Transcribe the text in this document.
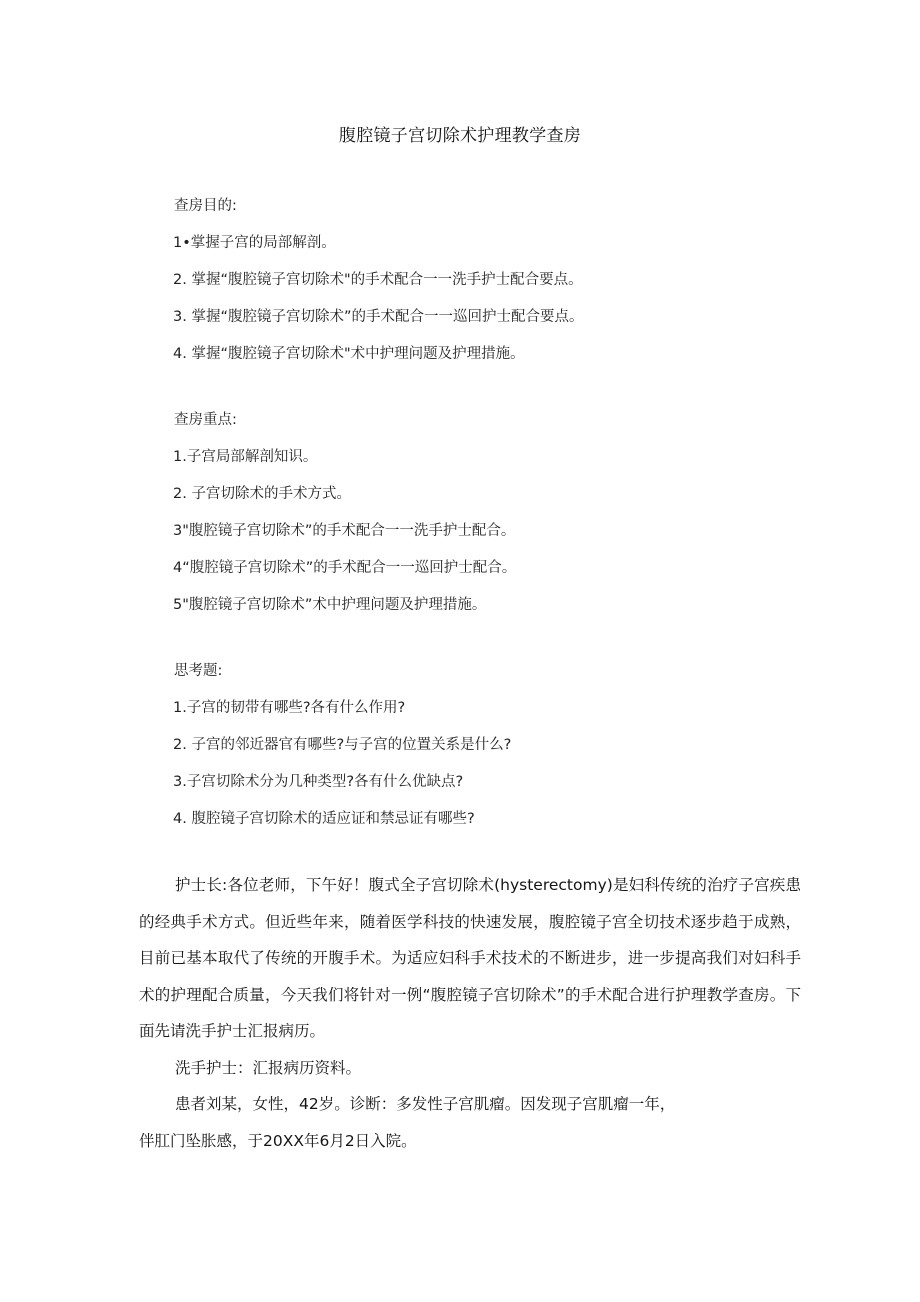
腹腔镜子宫切除术护理教学查房
查房目的:
1•掌握子宫的局部解剖。
2. 掌握“腹腔镜子宫切除术"的手术配合一一洗手护士配合要点。
3. 掌握“腹腔镜子宫切除术”的手术配合一一巡回护士配合要点。
4. 掌握“腹腔镜子宫切除术"术中护理问题及护理措施。
查房重点:
1.子宫局部解剖知识。
2. 子宫切除术的手术方式。
3"腹腔镜子宫切除术”的手术配合一一洗手护士配合。
4“腹腔镜子宫切除术”的手术配合一一巡回护士配合。
5"腹腔镜子宫切除术”术中护理问题及护理措施。
思考题:
1.子宫的韧带有哪些?各有什么作用?
2. 子宫的邻近器官有哪些?与子宫的位置关系是什么?
3.子宫切除术分为几种类型?各有什么优缺点?
4. 腹腔镜子宫切除术的适应证和禁忌证有哪些?

护士长:各位老师，下午好！腹式全子宫切除术(hysterectomy)是妇科传统的治疗子宫疾患的经典手术方式。但近些年来，随着医学科技的快速发展，腹腔镜子宫全切技术逐步趋于成熟，目前已基本取代了传统的开腹手术。为适应妇科手术技术的不断进步，进一步提高我们对妇科手术的护理配合质量，今天我们将针对一例“腹腔镜子宫切除术”的手术配合进行护理教学查房。下面先请洗手护士汇报病历。

洗手护士：汇报病历资料。

患者刘某，女性，42岁。诊断：多发性子宫肌瘤。因发现子宫肌瘤一年，

伴肛门坠胀感，于20XX年6月2日入院。
